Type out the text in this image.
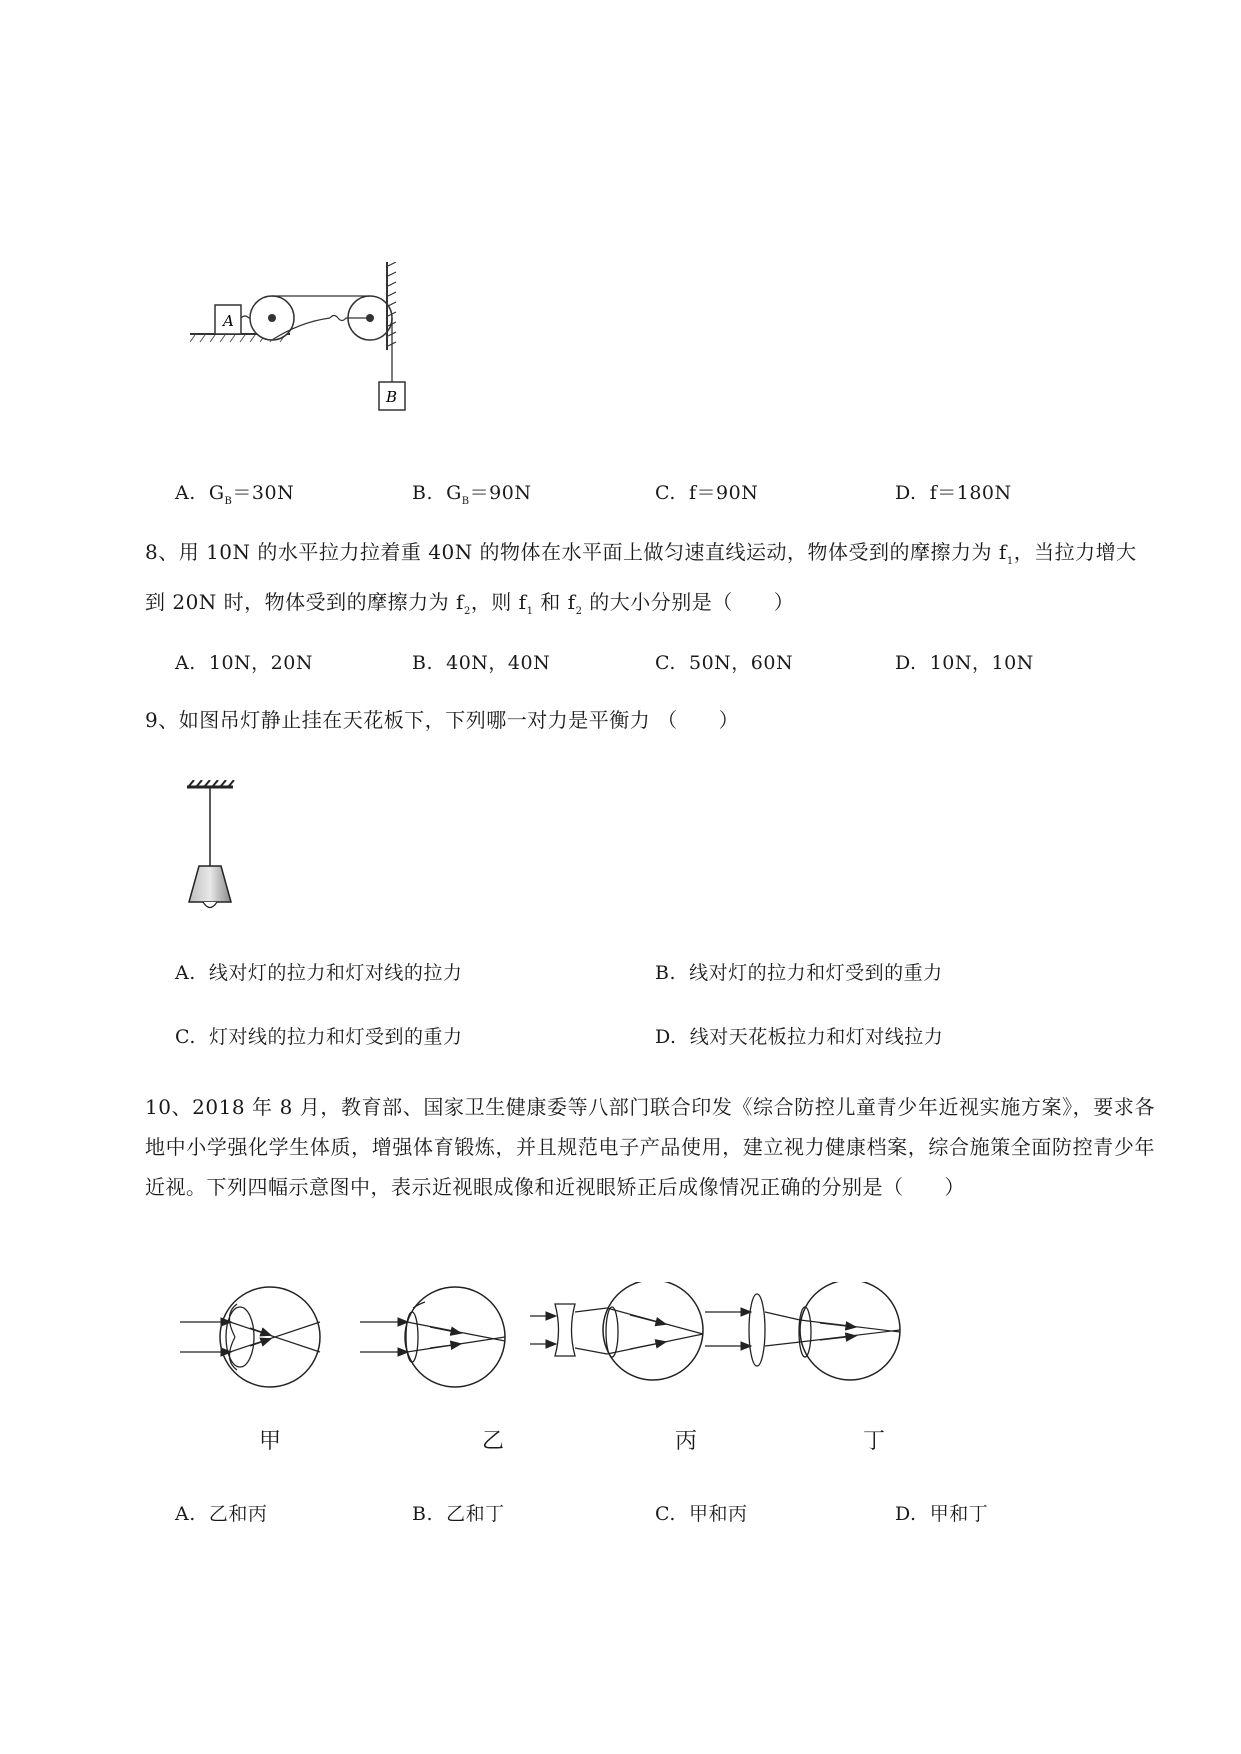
A
B
A. $G_B=30N$	B. $G_B=90N$	C. f＝90N	D. f＝180N
8、用 10N 的水平拉力拉着重 40N 的物体在水平面上做匀速直线运动，物体受到的摩擦力为 $f_1$，当拉力增大到 20N 时，物体受到的摩擦力为 $f_2$，则 $f_1$ 和 $f_2$ 的大小分别是（　　）
A. 10N，20N	B. 40N，40N	C. 50N，60N	D. 10N，10N
9、如图吊灯静止挂在天花板下，下列哪一对力是平衡力 （　　）
A. 线对灯的拉力和灯对线的拉力	B. 线对灯的拉力和灯受到的重力
C. 灯对线的拉力和灯受到的重力	D. 线对天花板拉力和灯对线拉力
10、2018 年 8 月，教育部、国家卫生健康委等八部门联合印发《综合防控儿童青少年近视实施方案》，要求各地中小学强化学生体质，增强体育锻炼，并且规范电子产品使用，建立视力健康档案，综合施策全面防控青少年近视。下列四幅示意图中，表示近视眼成像和近视眼矫正后成像情况正确的分别是（　　）
甲	乙	丙	丁
A. 乙和丙	B. 乙和丁	C. 甲和丙	D. 甲和丁
